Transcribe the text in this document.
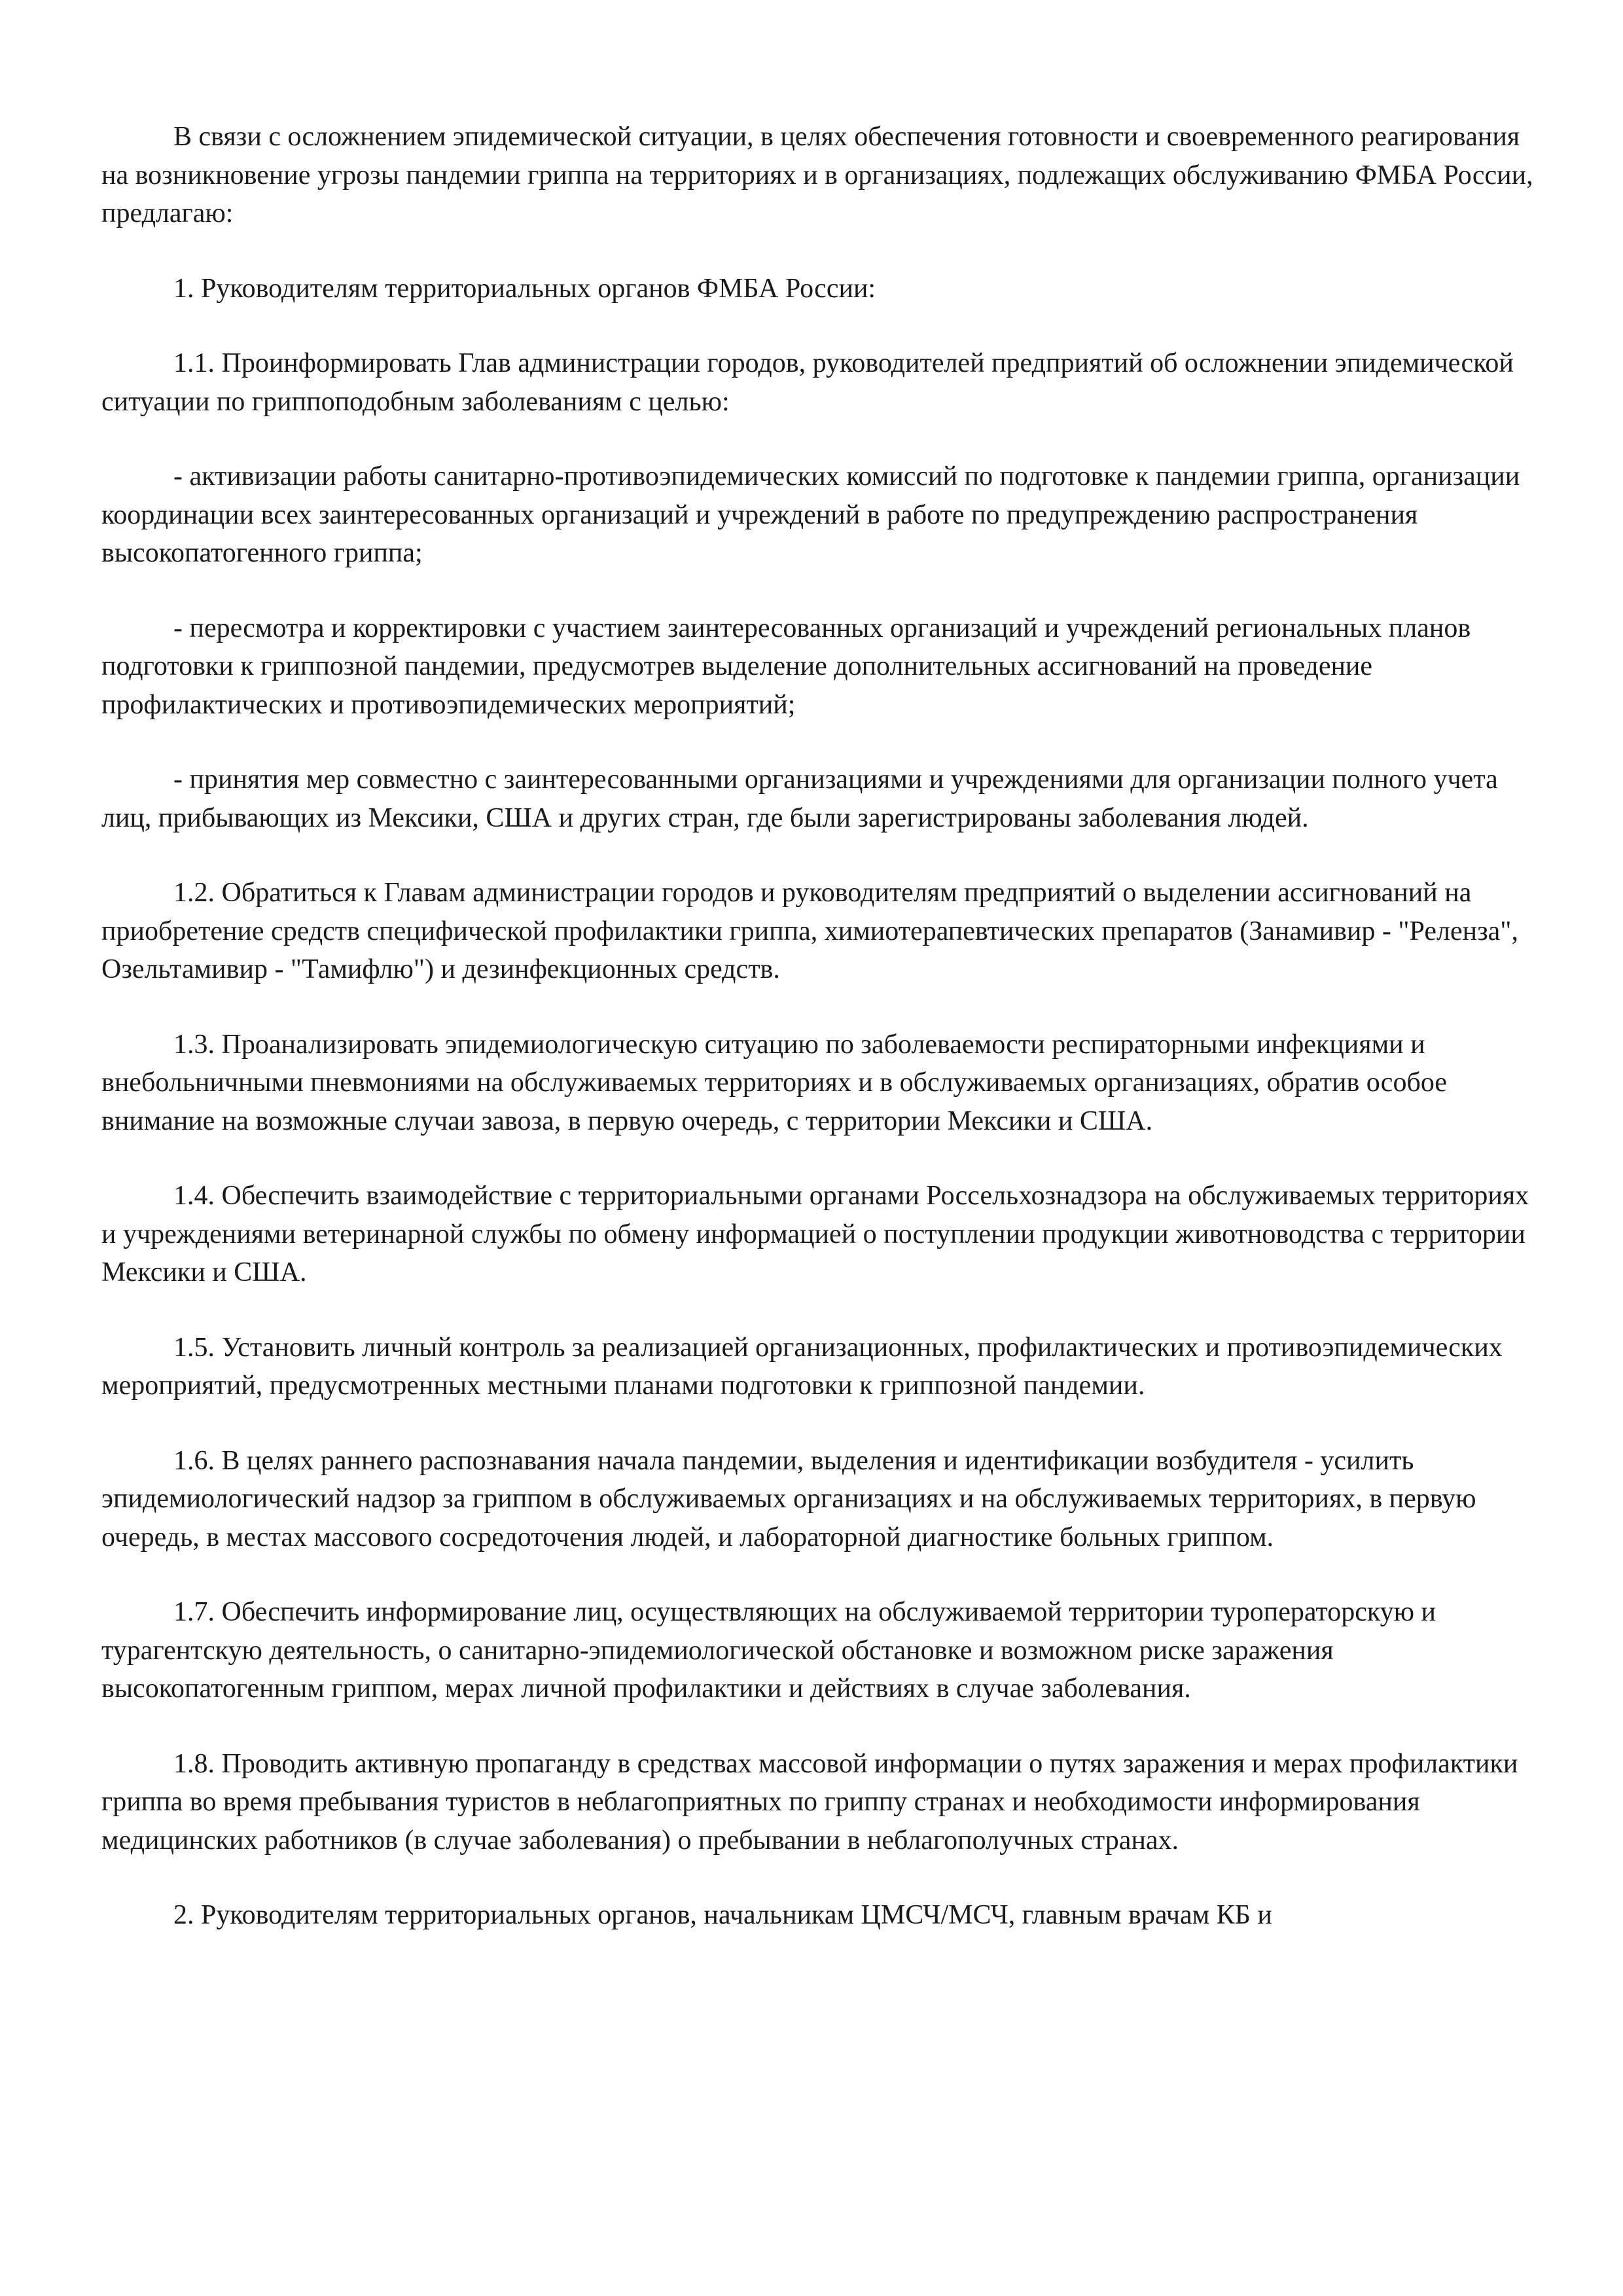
В связи с осложнением эпидемической ситуации, в целях обеспечения готовности и своевременного реагирования на возникновение угрозы пандемии гриппа на территориях и в организациях, подлежащих обслуживанию ФМБА России, предлагаю:

1. Руководителям территориальных органов ФМБА России:

1.1. Проинформировать Глав администрации городов, руководителей предприятий об осложнении эпидемической ситуации по гриппоподобным заболеваниям с целью:

- активизации работы санитарно-противоэпидемических комиссий по подготовке к пандемии гриппа, организации координации всех заинтересованных организаций и учреждений в работе по предупреждению распространения высокопатогенного гриппа;

- пересмотра и корректировки с участием заинтересованных организаций и учреждений региональных планов подготовки к гриппозной пандемии, предусмотрев выделение дополнительных ассигнований на проведение профилактических и противоэпидемических мероприятий;

- принятия мер совместно с заинтересованными организациями и учреждениями для организации полного учета лиц, прибывающих из Мексики, США и других стран, где были зарегистрированы заболевания людей.

1.2. Обратиться к Главам администрации городов и руководителям предприятий о выделении ассигнований на приобретение средств специфической профилактики гриппа, химиотерапевтических препаратов (Занамивир - "Реленза", Озельтамивир - "Тамифлю") и дезинфекционных средств.

1.3. Проанализировать эпидемиологическую ситуацию по заболеваемости респираторными инфекциями и внебольничными пневмониями на обслуживаемых территориях и в обслуживаемых организациях, обратив особое внимание на возможные случаи завоза, в первую очередь, с территории Мексики и США.

1.4. Обеспечить взаимодействие с территориальными органами Россельхознадзора на обслуживаемых территориях и учреждениями ветеринарной службы по обмену информацией о поступлении продукции животноводства с территории Мексики и США.

1.5. Установить личный контроль за реализацией организационных, профилактических и противоэпидемических мероприятий, предусмотренных местными планами подготовки к гриппозной пандемии.

1.6. В целях раннего распознавания начала пандемии, выделения и идентификации возбудителя - усилить эпидемиологический надзор за гриппом в обслуживаемых организациях и на обслуживаемых территориях, в первую очередь, в местах массового сосредоточения людей, и лабораторной диагностике больных гриппом.

1.7. Обеспечить информирование лиц, осуществляющих на обслуживаемой территории туроператорскую и турагентскую деятельность, о санитарно-эпидемиологической обстановке и возможном риске заражения высокопатогенным гриппом, мерах личной профилактики и действиях в случае заболевания.

1.8. Проводить активную пропаганду в средствах массовой информации о путях заражения и мерах профилактики гриппа во время пребывания туристов в неблагоприятных по гриппу странах и необходимости информирования медицинских работников (в случае заболевания) о пребывании в неблагополучных странах.

2. Руководителям территориальных органов, начальникам ЦМСЧ/МСЧ, главным врачам КБ и
